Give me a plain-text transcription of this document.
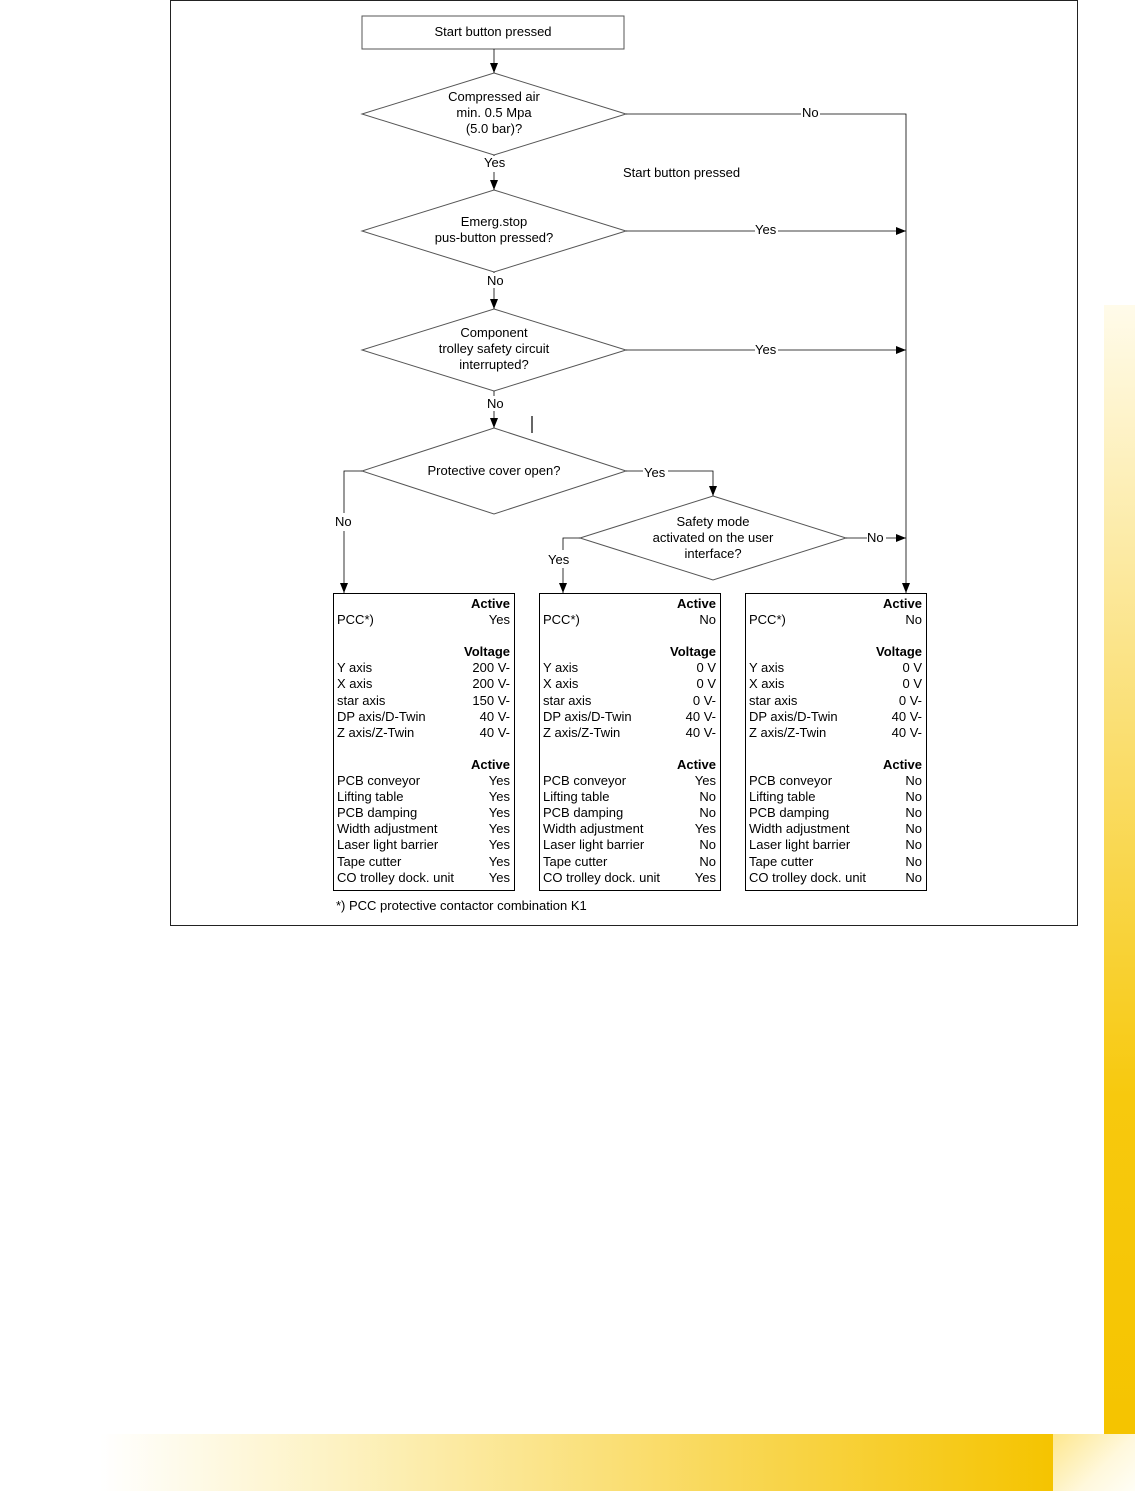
Start button pressed
Compressed air
min. 0.5 Mpa
(5.0 bar)?
Emerg.stop
pus-button pressed?
Component
trolley safety circuit
interrupted?
Protective cover open?
Safety mode
activated on the user
interface?
Start button pressed
No
Yes
Yes
No
Yes
No
Yes
No
Yes
No
Active
PCC*)	Yes
Voltage
Y axis	200 V-
X axis	200 V-
star axis	150 V-
DP axis/D-Twin	40 V-
Z axis/Z-Twin	40 V-
Active
PCB conveyor	Yes
Lifting table	Yes
PCB damping	Yes
Width adjustment	Yes
Laser light barrier	Yes
Tape cutter	Yes
CO trolley dock. unit	Yes
Active
PCC*)	No
Voltage
Y axis	0 V
X axis	0 V
star axis	0 V-
DP axis/D-Twin	40 V-
Z axis/Z-Twin	40 V-
Active
PCB conveyor	Yes
Lifting table	No
PCB damping	No
Width adjustment	Yes
Laser light barrier	No
Tape cutter	No
CO trolley dock. unit	Yes
Active
PCC*)	No
Voltage
Y axis	0 V
X axis	0 V
star axis	0 V-
DP axis/D-Twin	40 V-
Z axis/Z-Twin	40 V-
Active
PCB conveyor	No
Lifting table	No
PCB damping	No
Width adjustment	No
Laser light barrier	No
Tape cutter	No
CO trolley dock. unit	No
*) PCC protective contactor combination K1
